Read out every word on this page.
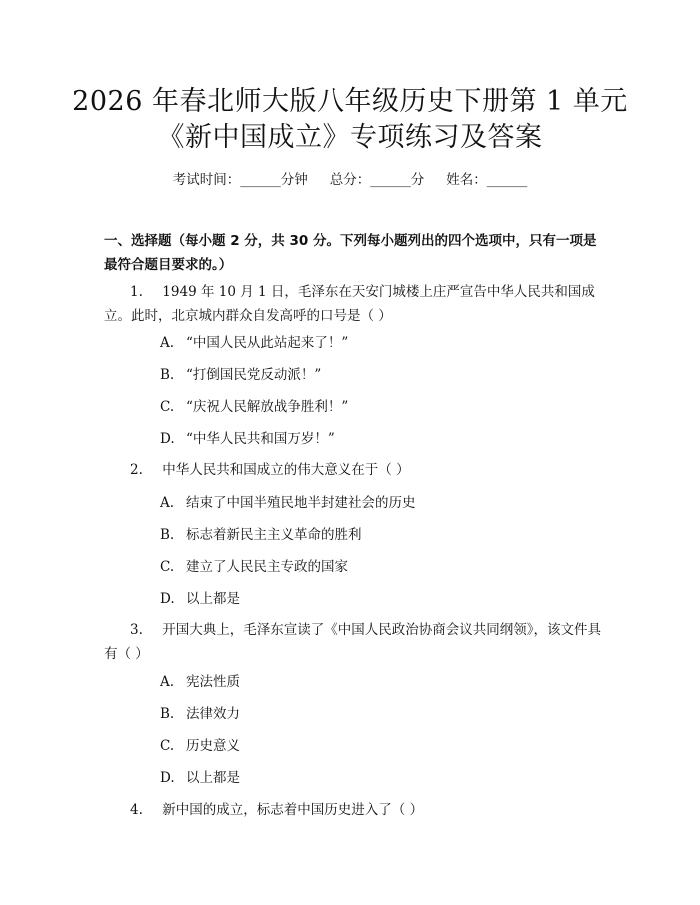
2026 年春北师大版八年级历史下册第 1 单元
《新中国成立》专项练习及答案
考试时间：______分钟 总分：______分 姓名：______
一、选择题（每小题 2 分，共 30 分。下列每小题列出的四个选项中，只有一项是最符合题目要求的。）
1. 1949 年 10 月 1 日，毛泽东在天安门城楼上庄严宣告中华人民共和国成立。此时，北京城内群众自发高呼的口号是（ ）
A. “中国人民从此站起来了！”
B. “打倒国民党反动派！”
C. “庆祝人民解放战争胜利！”
D. “中华人民共和国万岁！”
2. 中华人民共和国成立的伟大意义在于（ ）
A. 结束了中国半殖民地半封建社会的历史
B. 标志着新民主主义革命的胜利
C. 建立了人民民主专政的国家
D. 以上都是
3. 开国大典上，毛泽东宣读了《中国人民政治协商会议共同纲领》，该文件具有（ ）
A. 宪法性质
B. 法律效力
C. 历史意义
D. 以上都是
4. 新中国的成立，标志着中国历史进入了（ ）
